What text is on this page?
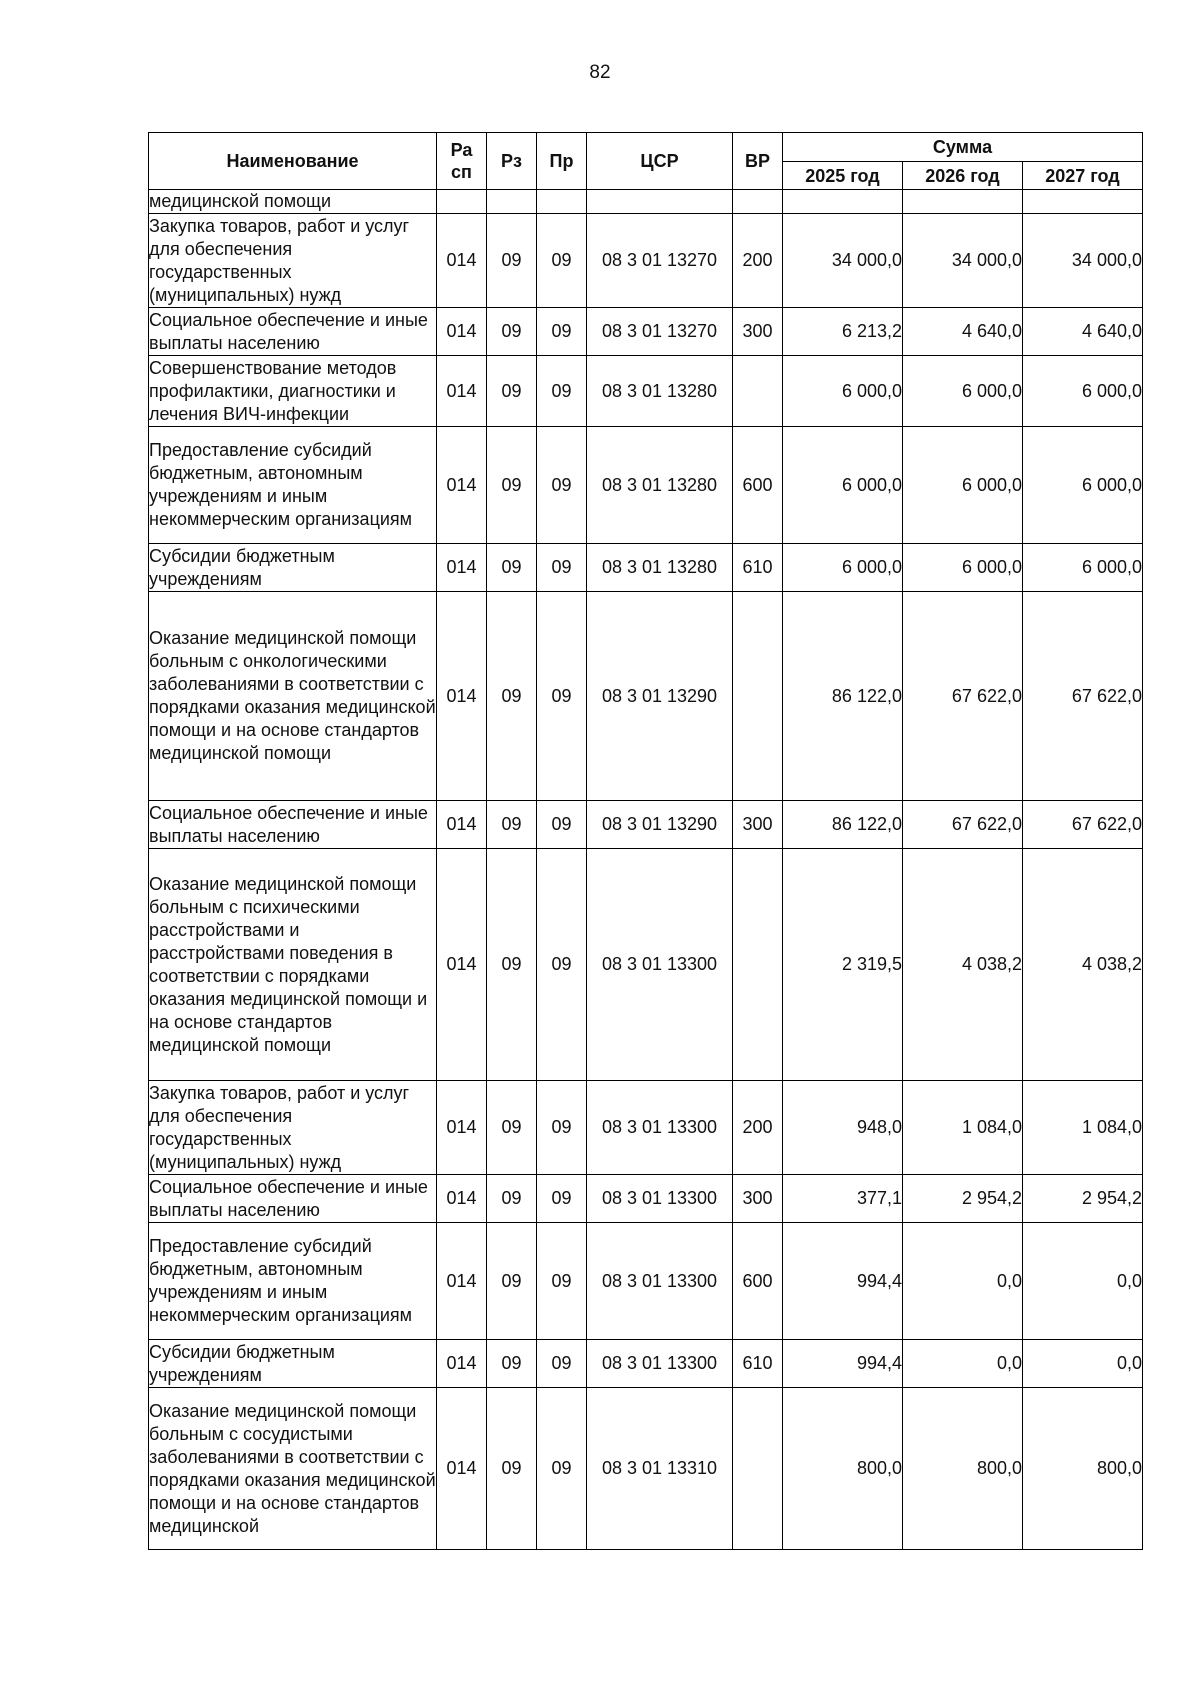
82
Наименование	Ра
сп	Рз	Пр	ЦСР	ВР	Сумма		
						2025 год	2026 год	2027 год
медицинской помощи								
Закупка товаров, работ и услуг для обеспечения государственных (муниципальных) нужд	014	09	09	08 3 01 13270	200	34 000,0	34 000,0	34 000,0
Социальное обеспечение и иные выплаты населению	014	09	09	08 3 01 13270	300	6 213,2	4 640,0	4 640,0
Совершенствование методов профилактики, диагностики и лечения ВИЧ-инфекции	014	09	09	08 3 01 13280		6 000,0	6 000,0	6 000,0
Предоставление субсидий бюджетным, автономным учреждениям и иным некоммерческим организациям	014	09	09	08 3 01 13280	600	6 000,0	6 000,0	6 000,0
Субсидии бюджетным учреждениям	014	09	09	08 3 01 13280	610	6 000,0	6 000,0	6 000,0
Оказание медицинской помощи больным с онкологическими заболеваниями в соответствии с порядками оказания медицинской помощи и на основе стандартов медицинской помощи	014	09	09	08 3 01 13290		86 122,0	67 622,0	67 622,0
Социальное обеспечение и иные выплаты населению	014	09	09	08 3 01 13290	300	86 122,0	67 622,0	67 622,0
Оказание медицинской помощи больным с психическими расстройствами и расстройствами поведения в соответствии с порядками оказания медицинской помощи и на основе стандартов медицинской помощи	014	09	09	08 3 01 13300		2 319,5	4 038,2	4 038,2
Закупка товаров, работ и услуг для обеспечения государственных (муниципальных) нужд	014	09	09	08 3 01 13300	200	948,0	1 084,0	1 084,0
Социальное обеспечение и иные выплаты населению	014	09	09	08 3 01 13300	300	377,1	2 954,2	2 954,2
Предоставление субсидий бюджетным, автономным учреждениям и иным некоммерческим организациям	014	09	09	08 3 01 13300	600	994,4	0,0	0,0
Субсидии бюджетным учреждениям	014	09	09	08 3 01 13300	610	994,4	0,0	0,0
Оказание медицинской помощи больным с сосудистыми заболеваниями в соответствии с порядками оказания медицинской помощи и на основе стандартов медицинской	014	09	09	08 3 01 13310		800,0	800,0	800,0
